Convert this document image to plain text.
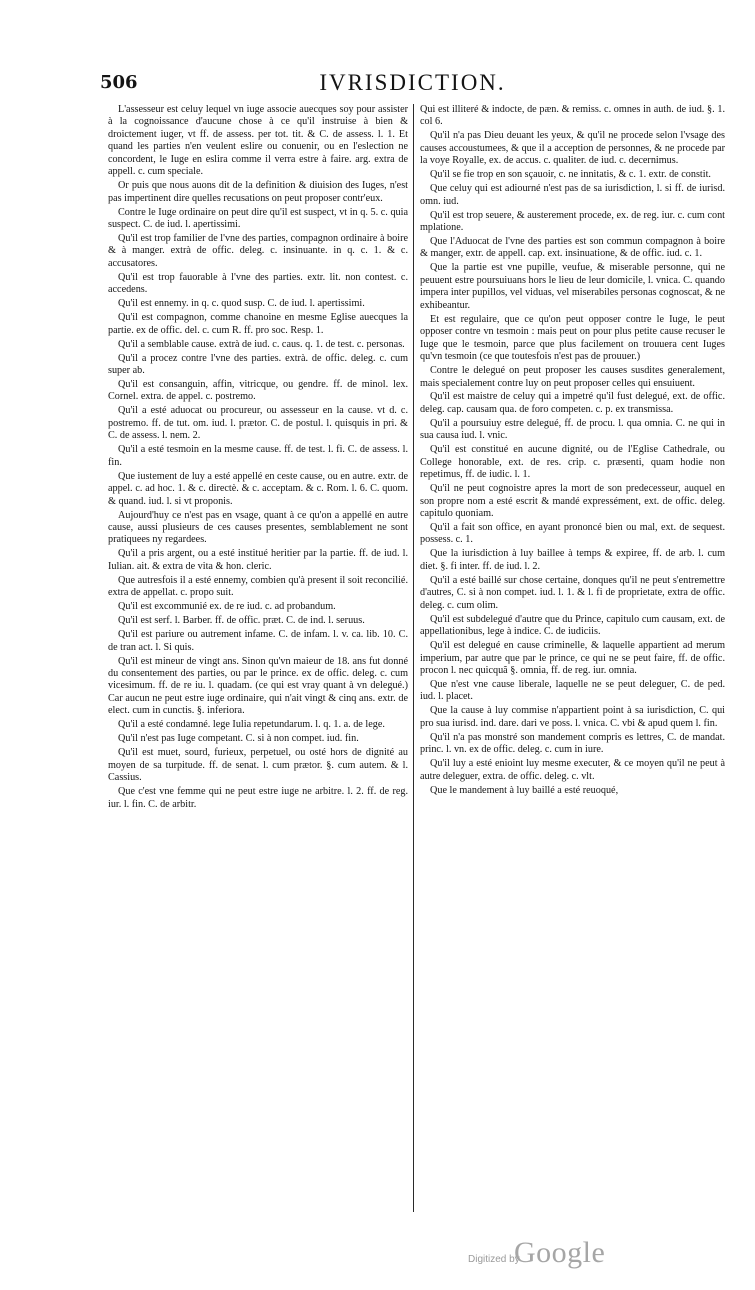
506	IVRISDICTION.

L'assesseur est celuy lequel vn iuge associe auecques soy pour assister à la cognoissance d'aucune chose à ce qu'il instruise à bien & droictement iuger, vt ff. de assess. per tot. tit. & C. de assess. l. 1. Et quand les parties n'en veulent eslire ou conuenir, ou en l'eslection ne concordent, le Iuge en eslira comme il verra estre à faire. arg. extra de appell. c. cum speciale.

Or puis que nous auons dit de la definition & diuision des Iuges, n'est pas impertinent dire quelles recusations on peut proposer contr'eux.

Contre le Iuge ordinaire on peut dire qu'il est suspect, vt in q. 5. c. quia suspect. C. de iud. l. apertissimi.

Qu'il est trop familier de l'vne des parties, compagnon ordinaire à boire & à manger. extrà de offic. deleg. c. insinuante. in q. c. 1. & c. accusatores.

Qu'il est trop fauorable à l'vne des parties. extr. lit. non contest. c. accedens.

Qu'il est ennemy. in q. c. quod susp. C. de iud. l. apertissimi.

Qu'il est compagnon, comme chanoine en mesme Eglise auecques la partie. ex de offic. del. c. cum R. ff. pro soc. Resp. 1.

Qu'il a semblable cause. extrà de iud. c. caus. q. 1. de test. c. personas.

Qu'il a procez contre l'vne des parties. extrà. de offic. deleg. c. cum super ab.

Qu'il est consanguin, affin, vitricque, ou gendre. ff. de minol. lex. Cornel. extra. de appel. c. postremo.

Qu'il a esté aduocat ou procureur, ou assesseur en la cause. vt d. c. postremo. ff. de tut. om. iud. l. prætor. C. de postul. l. quisquis in pri. & C. de assess. l. nem. 2.

Qu'il a esté tesmoin en la mesme cause. ff. de test. l. fi. C. de assess. l. fin.

Que iustement de luy a esté appellé en ceste cause, ou en autre. extr. de appel. c. ad hoc. 1. & c. directè. & c. acceptam. & c. Rom. l. 6. C. quom. & quand. iud. l. si vt proponis.

Aujourd'huy ce n'est pas en vsage, quant à ce qu'on a appellé en autre cause, aussi plusieurs de ces causes presentes, semblablement ne sont pratiquees ny regardees.

Qu'il a pris argent, ou a esté institué heritier par la partie. ff. de iud. l. Iulian. ait. & extra de vita & hon. cleric.

Que autresfois il a esté ennemy, combien qu'à present il soit reconcilié. extra de appellat. c. propo suit.

Qu'il est excommunié ex. de re iud. c. ad probandum.

Qu'il est serf. l. Barber. ff. de offic. præt. C. de ind. l. seruus.

Qu'il est pariure ou autrement infame. C. de infam. l. v. ca. lib. 10. C. de tran act. l. Si quis.

Qu'il est mineur de vingt ans. Sinon qu'vn maieur de 18. ans fut donné du consentement des parties, ou par le prince. ex de offic. deleg. c. cum vicesimum. ff. de re iu. l. quadam. (ce qui est vray quant à vn delegué.) Car aucun ne peut estre iuge ordinaire, qui n'ait vingt & cinq ans. extr. de elect. cum in cunctis. §. inferiora.

Qu'il a esté condamné. lege Iulia repetundarum. l. q. 1. a. de lege.

Qu'il n'est pas Iuge competant. C. si à non compet. iud. fin.

Qu'il est muet, sourd, furieux, perpetuel, ou osté hors de dignité au moyen de sa turpitude. ff. de senat. l. cum prætor. §. cum autem. & l. Cassius.

Que c'est vne femme qui ne peut estre iuge ne arbitre. l. 2. ff. de reg. iur. l. fin. C. de arbitr.

Qui est illiteré & indocte, de pæn. & remiss. c. omnes in auth. de iud. §. 1. col 6.

Qu'il n'a pas Dieu deuant les yeux, & qu'il ne procede selon l'vsage des causes accoustumees, & que il a acception de personnes, & ne procede par la voye Royalle, ex. de accus. c. qualiter. de iud. c. decernimus.

Qu'il se fie trop en son sçauoir, c. ne innitatis, & c. 1. extr. de constit.

Que celuy qui est adiourné n'est pas de sa iurisdiction, l. si ff. de iurisd. omn. iud.

Qu'il est trop seuere, & austerement procede, ex. de reg. iur. c. cum cont mplatione.

Que l'Aduocat de l'vne des parties est son commun compagnon à boire & manger, extr. de appell. cap. ext. insinuatione, & de offic. iud. c. 1.

Que la partie est vne pupille, veufue, & miserable personne, qui ne peuuent estre poursuiuans hors le lieu de leur domicile, l. vnica. C. quando impera inter pupillos, vel viduas, vel miserabiles personas cognoscat, & ne exhibeantur.

Et est regulaire, que ce qu'on peut opposer contre le Iuge, le peut opposer contre vn tesmoin : mais peut on pour plus petite cause recuser le Iuge que le tesmoin, parce que plus facilement on trouuera cent Iuges qu'vn tesmoin (ce que toutesfois n'est pas de prouuer.)

Contre le delegué on peut proposer les causes susdites generalement, mais specialement contre luy on peut proposer celles qui ensuiuent.

Qu'il est maistre de celuy qui a impetré qu'il fust delegué, ext. de offic. deleg. cap. causam qua. de foro competen. c. p. ex transmissa.

Qu'il a poursuiuy estre delegué, ff. de procu. l. qua omnia. C. ne qui in sua causa iud. l. vnic.

Qu'il est constitué en aucune dignité, ou de l'Eglise Cathedrale, ou College honorable, ext. de res. crip. c. præsenti, quam hodie non repetimus, ff. de iudic. l. 1.

Qu'il ne peut cognoistre apres la mort de son predecesseur, auquel en son propre nom a esté escrit & mandé expressément, ext. de offic. deleg. capitulo quoniam.

Qu'il a fait son office, en ayant prononcé bien ou mal, ext. de sequest. possess. c. 1.

Que la iurisdiction à luy baillee à temps & expiree, ff. de arb. l. cum diet. §. fi inter. ff. de iud. l. 2.

Qu'il a esté baillé sur chose certaine, donques qu'il ne peut s'entremettre d'autres, C. si à non compet. iud. l. 1. & l. fi de proprietate, extra de offic. deleg. c. cum olim.

Qu'il est subdelegué d'autre que du Prince, capitulo cum causam, ext. de appellationibus, lege à indice. C. de iudiciis.

Qu'il est delegué en cause criminelle, & laquelle appartient ad merum imperium, par autre que par le prince, ce qui ne se peut faire, ff. de offic. procon l. nec quicquã §. omnia, ff. de reg. iur. omnia.

Que n'est vne cause liberale, laquelle ne se peut deleguer, C. de ped. iud. l. placet.

Que la cause à luy commise n'appartient point à sa iurisdiction, C. qui pro sua iurisd. ind. dare. dari ve poss. l. vnica. C. vbi & apud quem l. fin.

Qu'il n'a pas monstré son mandement compris es lettres, C. de mandat. princ. l. vn. ex de offic. deleg. c. cum in iure.

Qu'il luy a esté enioint luy mesme executer, & ce moyen qu'il ne peut à autre deleguer, extra. de offic. deleg. c. vlt.

Que le mandement à luy baillé a esté reuoqué,

Digitized by
Google
